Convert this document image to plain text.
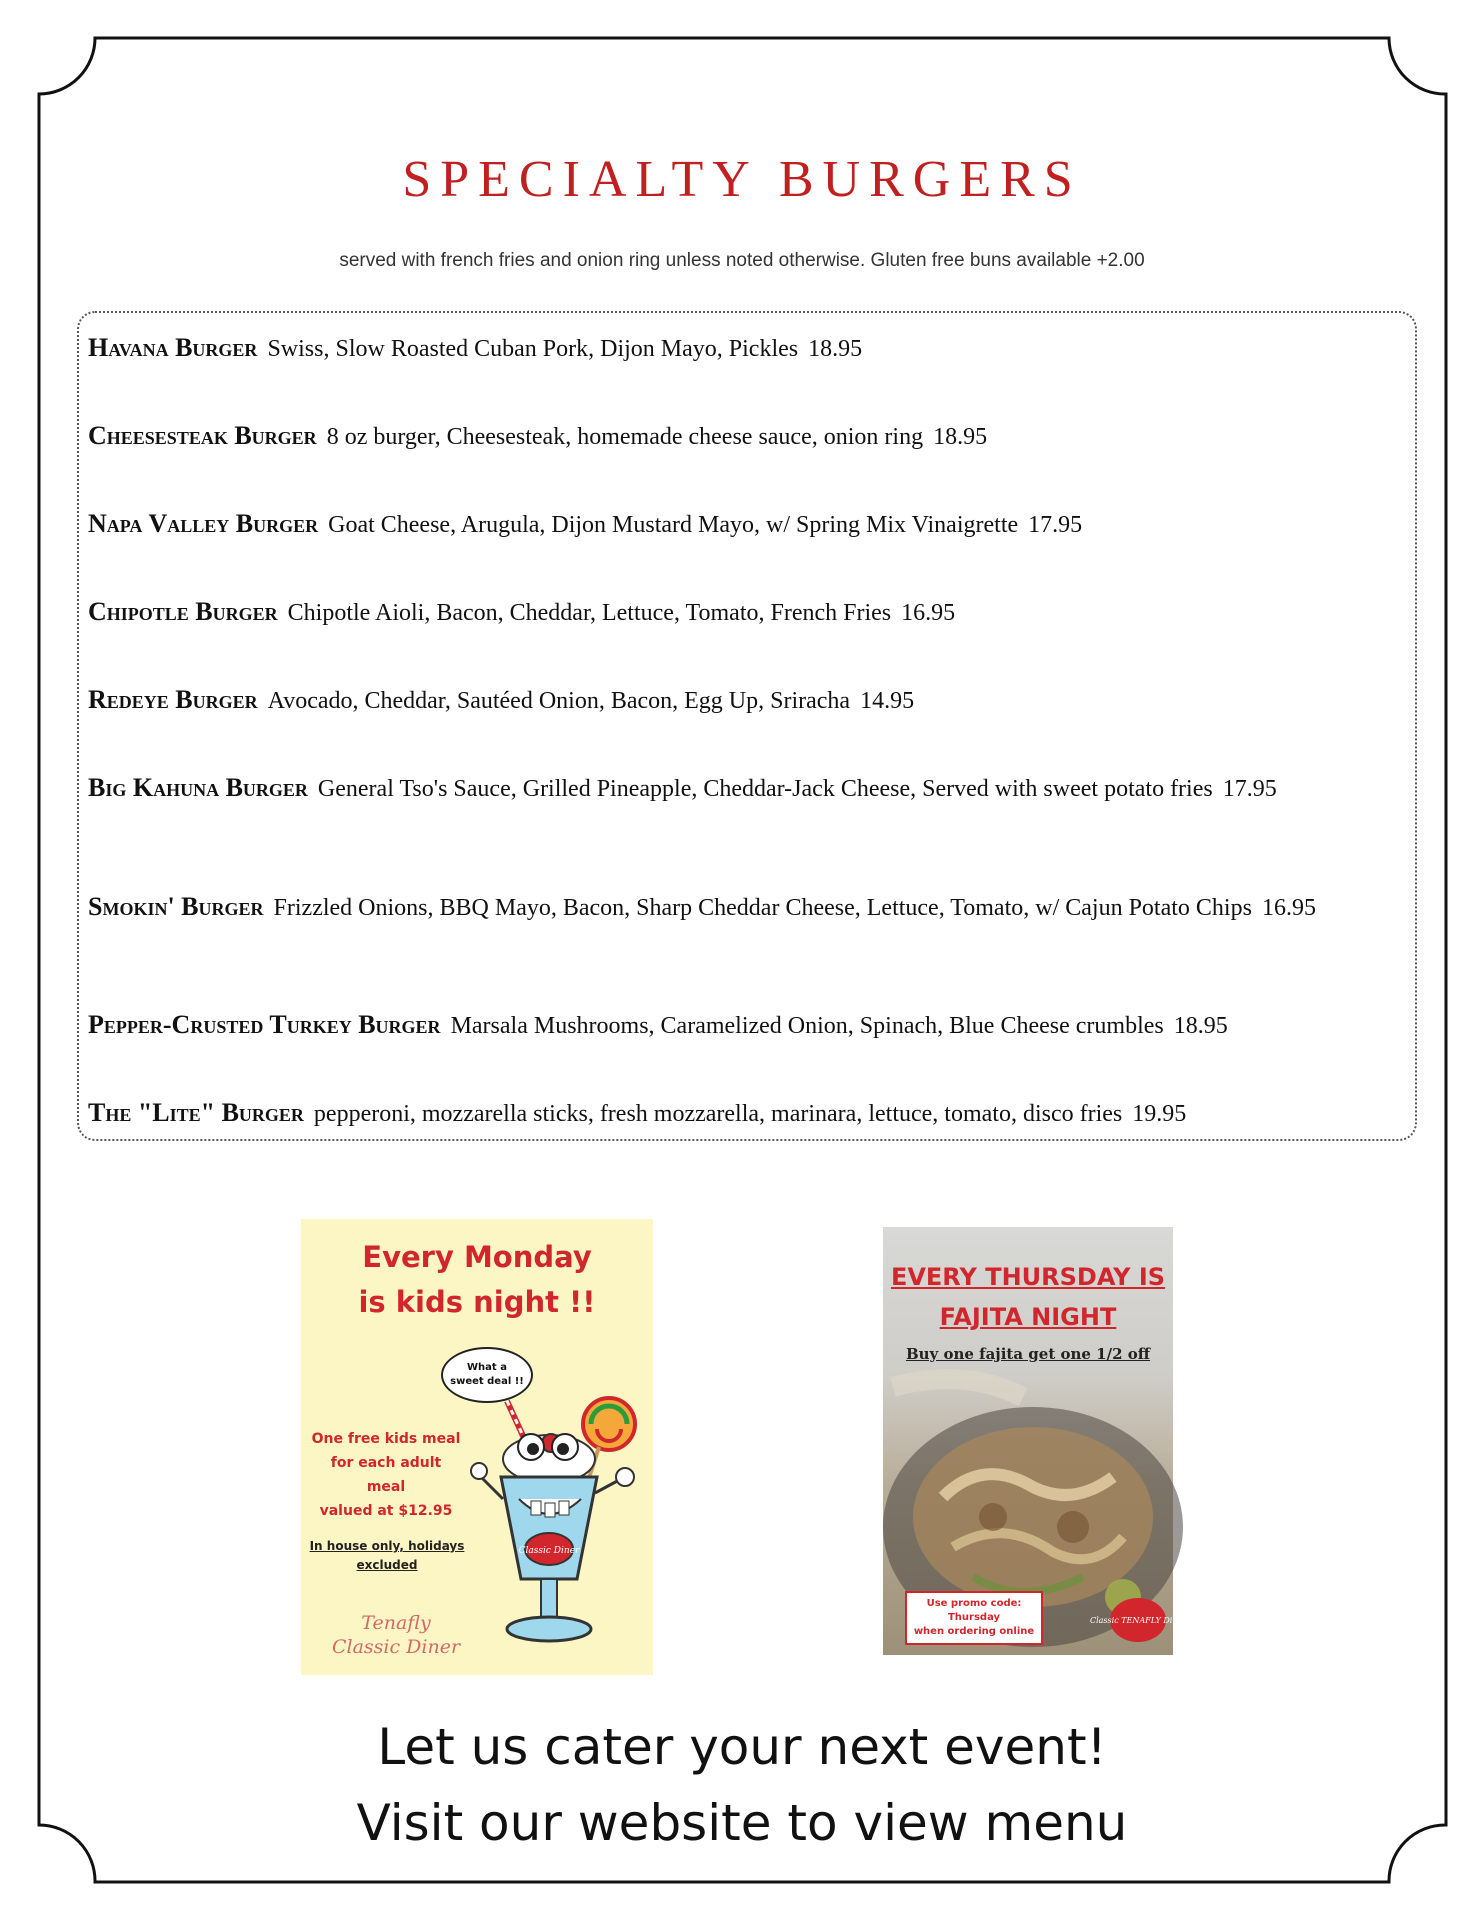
SPECIALTY BURGERS
served with french fries and onion ring unless noted otherwise. Gluten free buns available +2.00
Havana Burger Swiss, Slow Roasted Cuban Pork, Dijon Mayo, Pickles 18.95
Cheesesteak Burger 8 oz burger, Cheesesteak, homemade cheese sauce, onion ring 18.95
Napa Valley Burger Goat Cheese, Arugula, Dijon Mustard Mayo, w/ Spring Mix Vinaigrette 17.95
Chipotle Burger Chipotle Aioli, Bacon, Cheddar, Lettuce, Tomato, French Fries 16.95
Redeye Burger Avocado, Cheddar, Sautéed Onion, Bacon, Egg Up, Sriracha 14.95
Big Kahuna Burger General Tso's Sauce, Grilled Pineapple, Cheddar-Jack Cheese, Served with sweet potato fries 17.95
Smokin' Burger Frizzled Onions, BBQ Mayo, Bacon, Sharp Cheddar Cheese, Lettuce, Tomato, w/ Cajun Potato Chips 16.95
Pepper-Crusted Turkey Burger Marsala Mushrooms, Caramelized Onion, Spinach, Blue Cheese crumbles 18.95
The "Lite" Burger pepperoni, mozzarella sticks, fresh mozzarella, marinara, lettuce, tomato, disco fries 19.95
Every Monday
is kids night !!
What a
sweet deal !!
One free kids meal
for each adult meal
valued at $12.95
In house only, holidays
excluded
Tenafly
Classic Diner
Classic Diner
EVERY THURSDAY IS
FAJITA NIGHT
Buy one fajita get one 1/2 off
Use promo code: Thursday
when ordering online
Classic TENAFLY Diner
Let us cater your next event!
Visit our website to view menu
